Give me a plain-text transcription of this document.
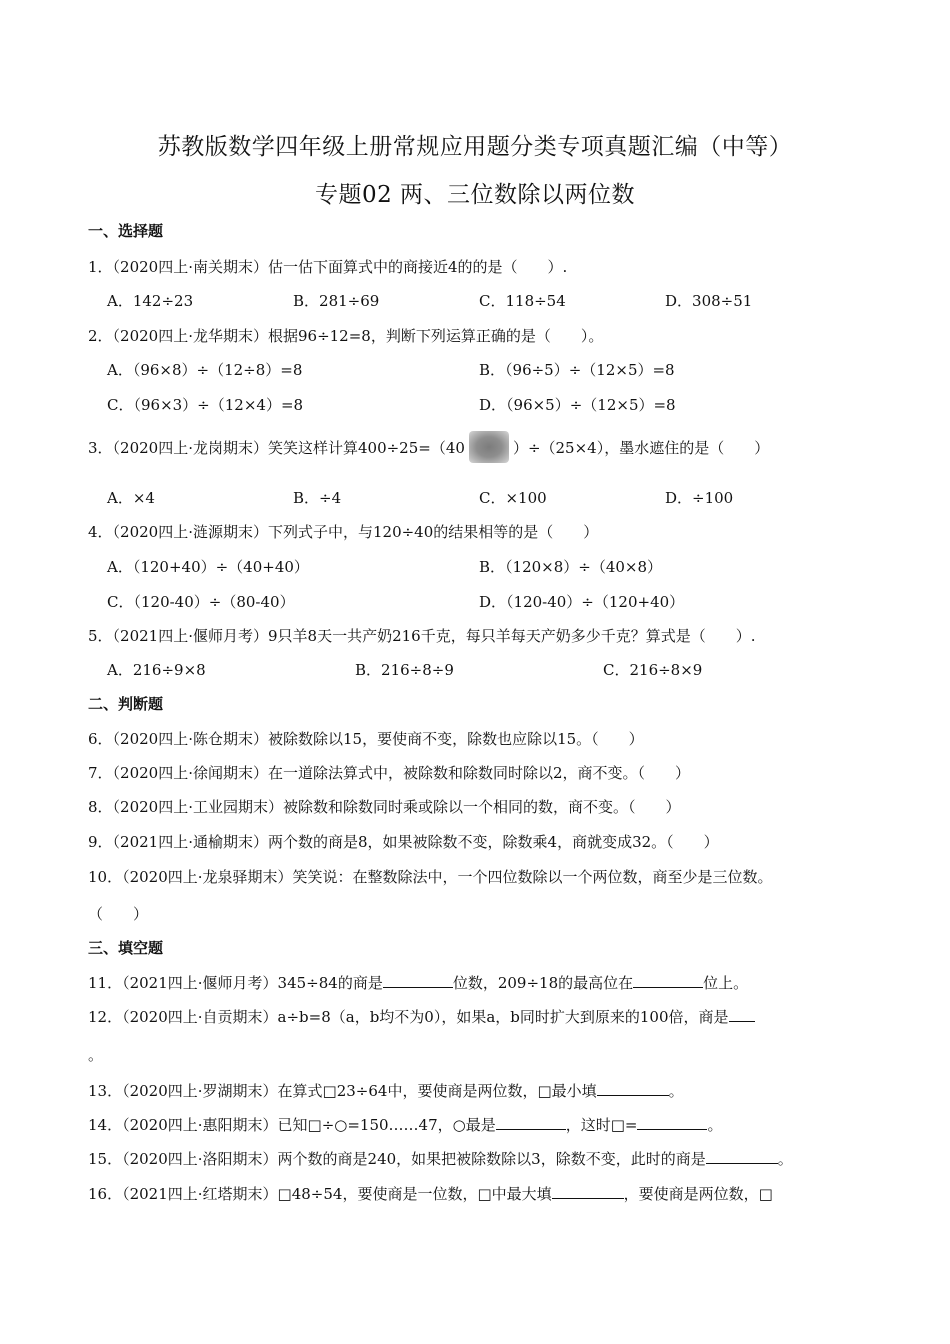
苏教版数学四年级上册常规应用题分类专项真题汇编（中等）
专题02 两、三位数除以两位数
一、选择题
1．（2020四上·南关期末）估一估下面算式中的商接近4的的是（　　）.
A．142÷23	B．281÷69	C．118÷54	D．308÷51
2．（2020四上·龙华期末）根据96÷12=8，判断下列运算正确的是（　　）。
A．（96×8）÷（12÷8）=8	B．（96÷5）÷（12×5）=8
C．（96×3）÷（12×4）=8	D．（96×5）÷（12×5）=8
3．（2020四上·龙岗期末）笑笑这样计算400÷25=（40	）÷（25×4），墨水遮住的是（　　）
A．×4	B．÷4	C．×100	D．÷100
4．（2020四上·涟源期末）下列式子中，与120÷40的结果相等的是（　　）
A．（120+40）÷（40+40）	B．（120×8）÷（40×8）
C．（120-40）÷（80-40）	D．（120-40）÷（120+40）
5．（2021四上·偃师月考）9只羊8天一共产奶216千克，每只羊每天产奶多少千克？算式是（　　）.
A．216÷9×8	B．216÷8÷9	C．216÷8×9
二、判断题
6．（2020四上·陈仓期末）被除数除以15，要使商不变，除数也应除以15。（　　）
7．（2020四上·徐闻期末）在一道除法算式中，被除数和除数同时除以2，商不变。（　　）
8．（2020四上·工业园期末）被除数和除数同时乘或除以一个相同的数，商不变。（　　）
9．（2021四上·通榆期末）两个数的商是8，如果被除数不变，除数乘4，商就变成32。（　　）
10．（2020四上·龙泉驿期末）笑笑说：在整数除法中，一个四位数除以一个两位数，商至少是三位数。
（　　）
三、填空题
11．（2021四上·偃师月考）345÷84的商是	位数，209÷18的最高位在	位上。
12．（2020四上·自贡期末）a÷b=8（a，b均不为0），如果a，b同时扩大到原来的100倍，商是
。
13．（2020四上·罗湖期末）在算式□23÷64中，要使商是两位数，□最小填	。
14．（2020四上·惠阳期末）已知□÷○=150……47，○最是	，这时□=	。
15．（2020四上·洛阳期末）两个数的商是240，如果把被除数除以3，除数不变，此时的商是	。
16．（2021四上·红塔期末）□48÷54，要使商是一位数，□中最大填	，要使商是两位数，□
